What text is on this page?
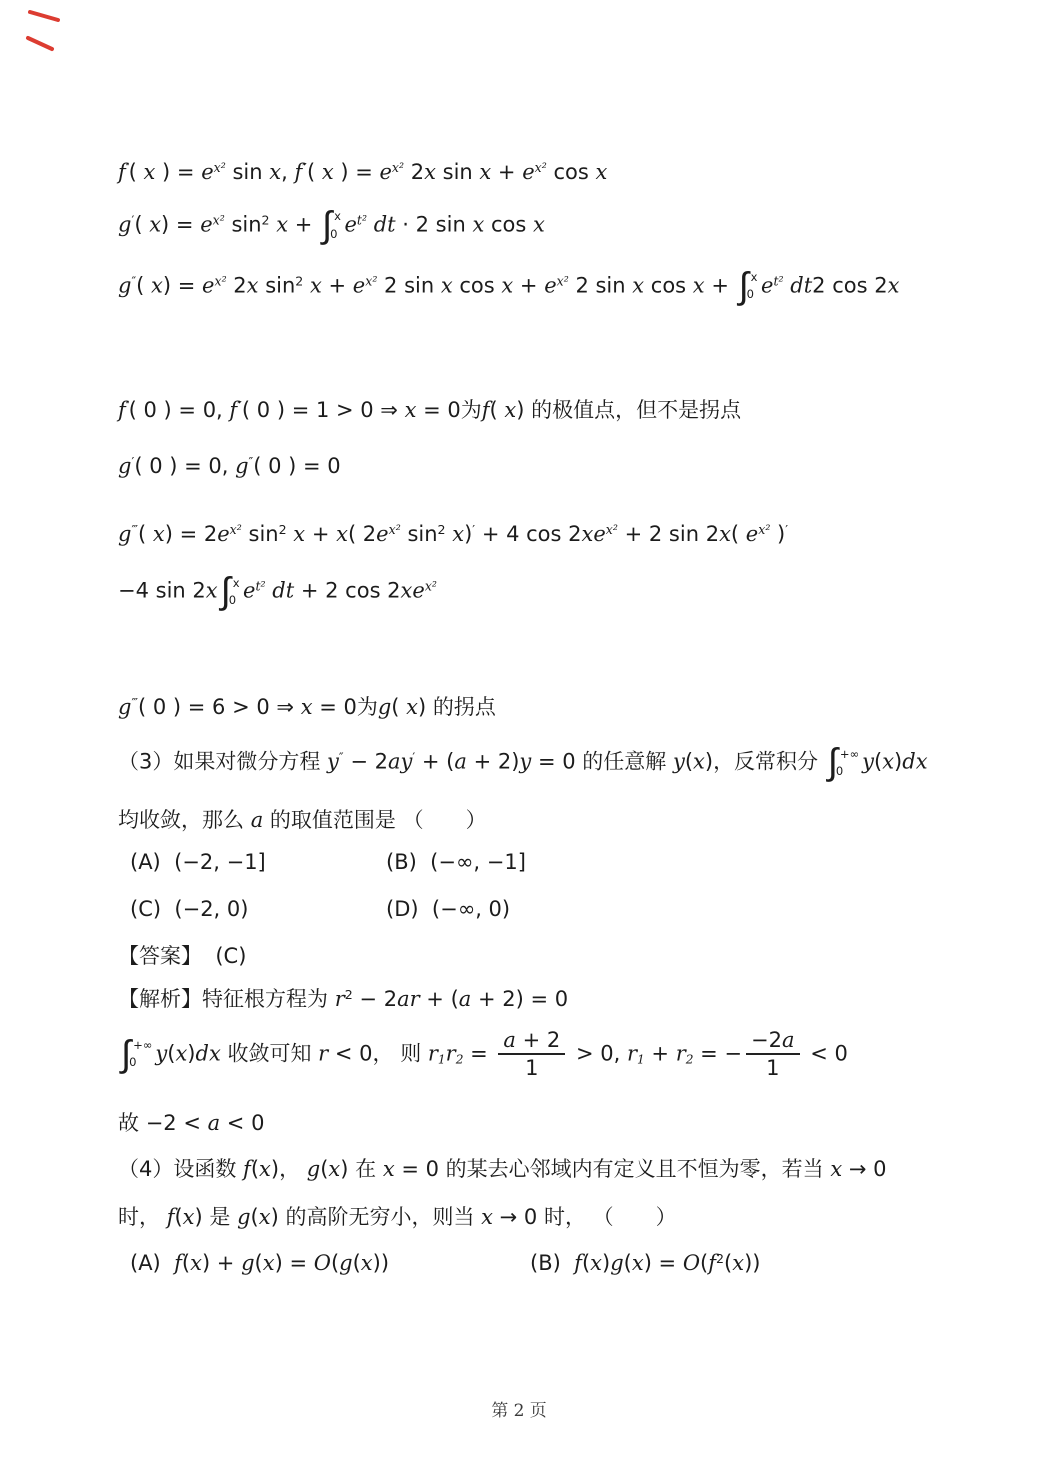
f′( x ) = $e^{x^2}$ sin x, f″( x ) = $e^{x^2}$ 2x $\sin x + e^{x^2}$ cos x
g′( $x) = e^{x^2}$ $\sin^2 x$ + ∫ x
0 $e^{t^2}$ dt · 2 sin x cos x
g″( $x) = e^{x^2}$ 2x $\sin^2 x + e^{x^2}$ 2 sin x $\cos x + e^{x^2}$ 2 sin x cos x + ∫ x
0 $e^{t^2}$ dt2 cos 2x
f′( 0 ) = 0, f″( 0 ) = 1 > 0 ⇒ x = 0为f( x) 的极值点，但不是拐点
g′( 0 ) = 0, g″( 0 ) = 0
g‴( $x) = 2e^{x^2}$ $\sin^2 x + x$( $2e^{x^2}$ $\sin^2 x)' + 4$ $\cos 2xe^{x^2} + 2$ sin 2x( $e^{x^2}$ )′
−4 sin 2x ∫ x
0 $e^{t^2}$ dt + 2 $\cos 2xe^{x^2}$
g‴( 0 ) = 6 > 0 ⇒ x = 0为g( x) 的拐点
（3）如果对微分方程 y″ − 2ay′ + (a + 2)y = 0 的任意解 y(x)，反常积分 ∫ +∞
0 y(x)dx
均收敛，那么 a 的取值范围是 （　　）
(A)  (−2, −1]	(B)  (−∞, −1]
(C)  (−2, 0)	(D)  (−∞, 0)
【答案】  (C)
【解析】特征根方程为 $r^2 - 2ar + (a + 2) = 0$
∫ +∞
0 y(x)dx 收敛可知 r < 0， 则 $r1r2 = \frac{a + 2}{1} > 0$, r1 + r2 = − $\frac{-2a}{1} < 0$
故 −2 < a < 0
（4）设函数 f(x)， g(x) 在 x = 0 的某去心邻域内有定义且不恒为零，若当 x → 0
时， f(x) 是 g(x) 的高阶无穷小，则当 x → 0 时， （　　）
(A)  f(x) + g(x) = O(g(x))	(B)  $f(x)g(x) = O(f^2(x))$
第 2 页
